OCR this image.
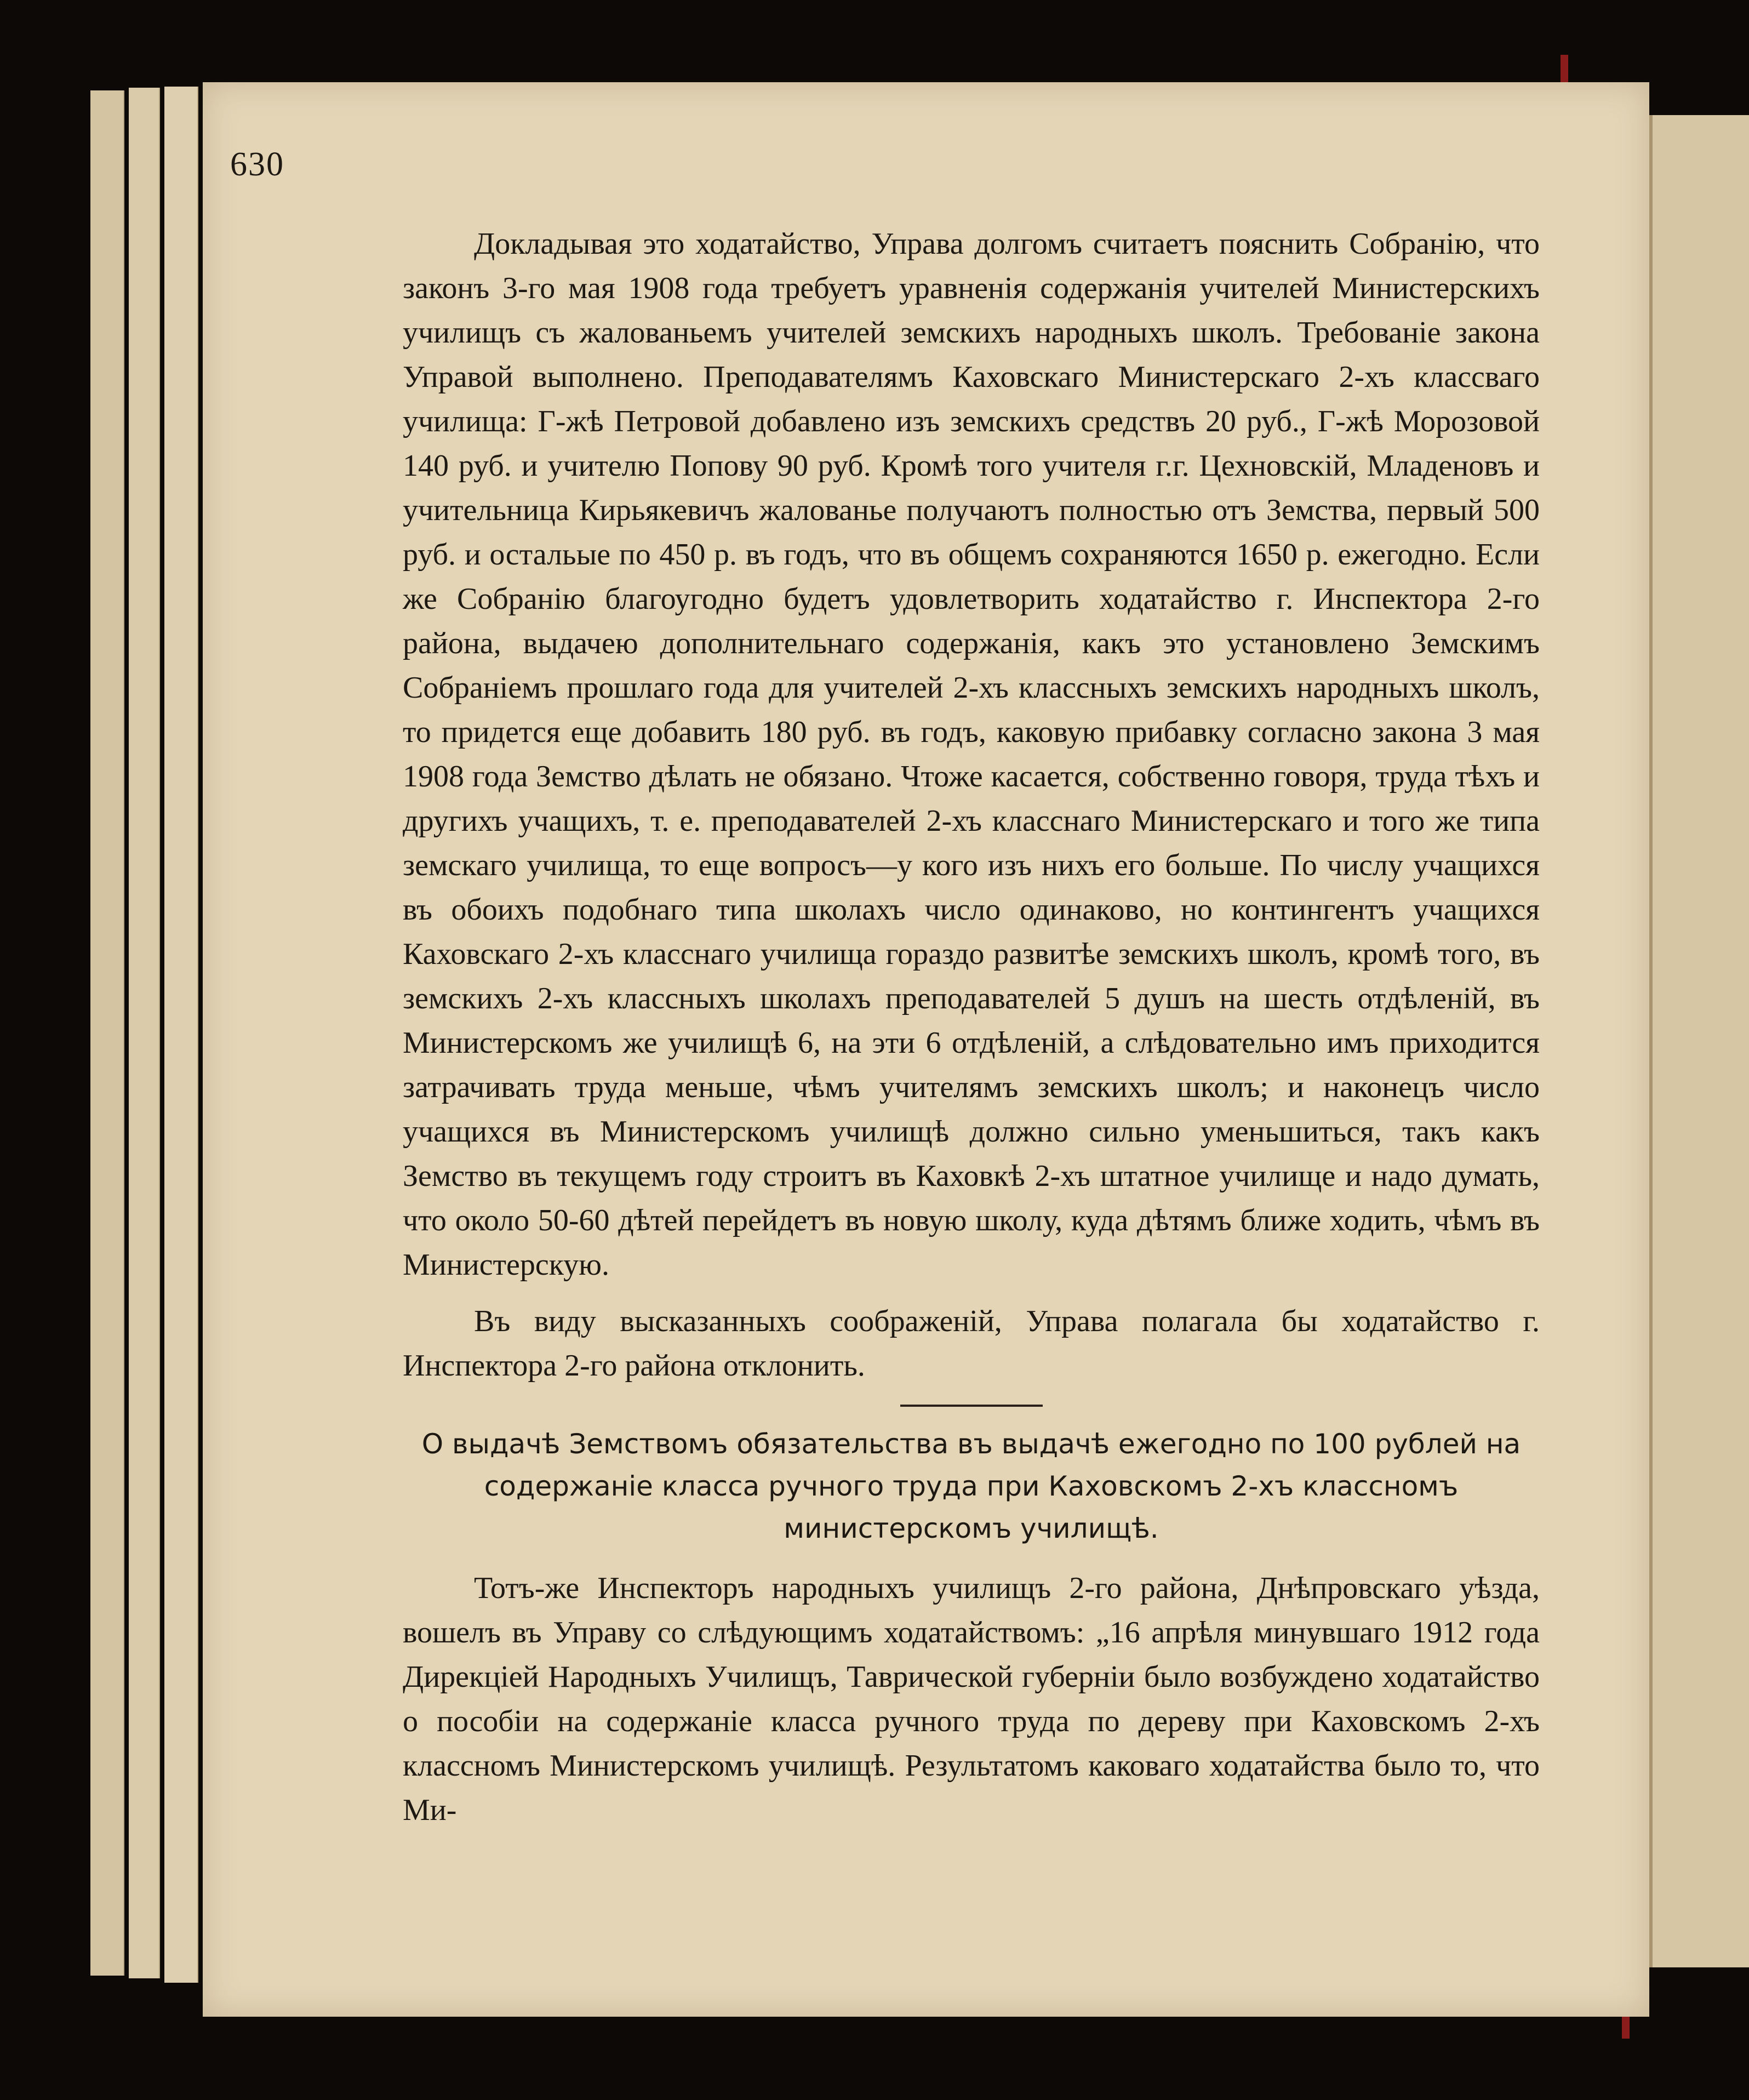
630

Докладывая это ходатайство, Управа долгомъ считаетъ пояснить Собранію, что законъ 3-го мая 1908 года требуетъ уравненія содержанія учителей Министерскихъ училищъ съ жалованьемъ учителей земскихъ народныхъ школъ. Требованіе закона Управой выполнено. Преподавателямъ Каховскаго Министерскаго 2-хъ классваго училища: Г-жѣ Петровой добавлено изъ земскихъ средствъ 20 руб., Г-жѣ Морозовой 140 руб. и учителю Попову 90 руб. Кромѣ того учителя г.г. Цехновскій, Младеновъ и учительница Кирьякевичъ жалованье получаютъ полностью отъ Земства, первый 500 руб. и остальые по 450 р. въ годъ, что въ общемъ сохраняются 1650 р. ежегодно. Если же Собранію благоугодно будетъ удовлетворить ходатайство г. Инспектора 2-го района, выдачею дополнительнаго содержанія, какъ это установлено Земскимъ Собраніемъ прошлаго года для учителей 2-хъ классныхъ земскихъ народныхъ школъ, то придется еще добавить 180 руб. въ годъ, каковую прибавку согласно закона 3 мая 1908 года Земство дѣлать не обязано. Чтоже касается, собственно говоря, труда тѣхъ и другихъ учащихъ, т. е. преподавателей 2-хъ класснаго Министерскаго и того же типа земскаго училища, то еще вопросъ—у кого изъ нихъ его больше. По числу учащихся въ обоихъ подобнаго типа школахъ число одинаково, но контингентъ учащихся Каховскаго 2-хъ класснаго училища гораздо развитѣе земскихъ школъ, кромѣ того, въ земскихъ 2-хъ классныхъ школахъ преподавателей 5 душъ на шесть отдѣленій, въ Министерскомъ же училищѣ 6, на эти 6 отдѣленій, а слѣдовательно имъ приходится затрачивать труда меньше, чѣмъ учителямъ земскихъ школъ; и наконецъ число учащихся въ Министерскомъ училищѣ должно сильно уменьшиться, такъ какъ Земство въ текущемъ году строитъ въ Каховкѣ 2-хъ штатное училище и надо думать, что около 50-60 дѣтей перейдетъ въ новую школу, куда дѣтямъ ближе ходить, чѣмъ въ Министерскую.

Въ виду высказанныхъ соображеній, Управа полагала бы ходатайство г. Инспектора 2-го района отклонить.

О выдачѣ Земствомъ обязательства въ выдачѣ ежегодно по 100 рублей на содержаніе класса ручного труда при Каховскомъ 2-хъ классномъ министерскомъ училищѣ.

Тотъ-же Инспекторъ народныхъ училищъ 2-го района, Днѣпровскаго уѣзда, вошелъ въ Управу со слѣдующимъ ходатайствомъ: „16 апрѣля минувшаго 1912 года Дирекціей Народныхъ Училищъ, Таврической губерніи было возбуждено ходатайство о пособіи на содержаніе класса ручного труда по дереву при Каховскомъ 2-хъ классномъ Министерскомъ училищѣ. Результатомъ каковаго ходатайства было то, что Ми-
